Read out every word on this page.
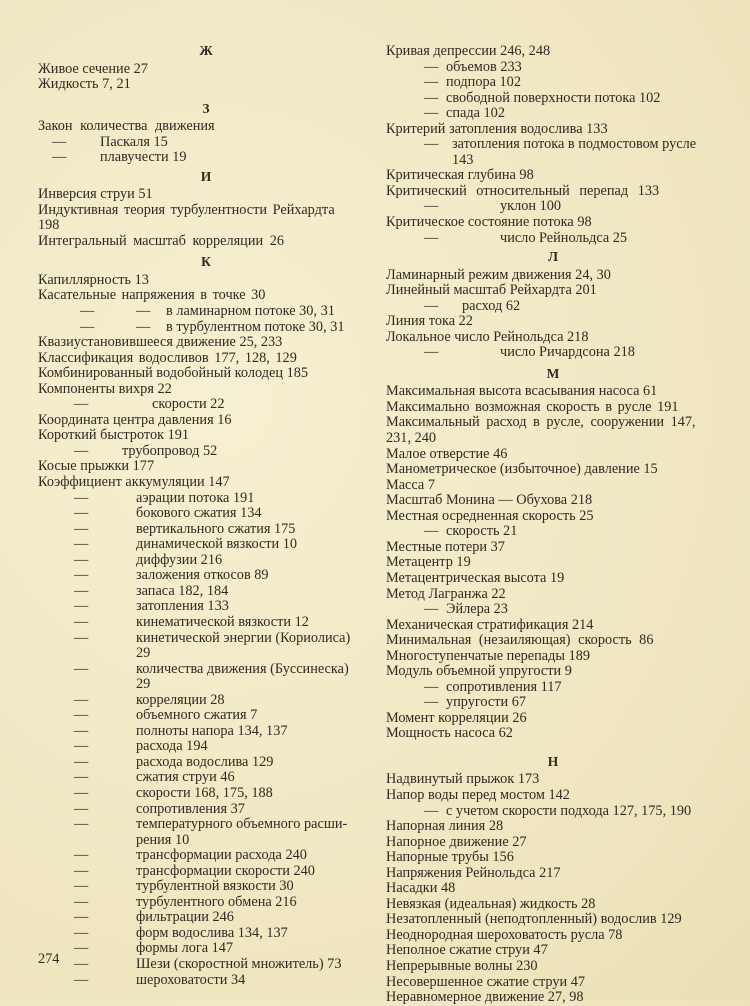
Ж
Живое сечение 27
Жидкость 7, 21
З
Закон количества движения
— Паскаля 15
— плавучести 19
И
Инверсия струи 51
Индуктивная теория турбулентности Рейхардта
198
Интегральный масштаб корреляции 26
К
Капиллярность 13
Касательные напряжения в точке 30
—	— в ламинарном потоке 30, 31
—	— в турбулентном потоке 30, 31
Квазиустановившееся движение 25, 233
Классификация водосливов 177, 128, 129
Комбинированный водобойный колодец 185
Компоненты вихря 22
—	скорости 22
Координата центра давления 16
Короткий быстроток 191
— трубопровод 52
Косые прыжки 177
Коэффициент аккумуляции 147
—	аэрации потока 191
—	бокового сжатия 134
—	вертикального сжатия 175
—	динамической вязкости 10
—	диффузии 216
—	заложения откосов 89
—	запаса 182, 184
—	затопления 133
—	кинематической вязкости 12
—	кинетической энергии (Кориолиса)
29
—	количества движения (Буссинеска)
29
—	корреляции 28
—	объемного сжатия 7
—	полноты напора 134, 137
—	расхода 194
—	расхода водослива 129
—	сжатия струи 46
—	скорости 168, 175, 188
—	сопротивления 37
—	температурного объемного расши-
рения 10
—	трансформации расхода 240
—	трансформации скорости 240
—	турбулентной вязкости 30
—	турбулентного обмена 216
—	фильтрации 246
—	форм водослива 134, 137
—	формы лога 147
—	Шези (скоростной множитель) 73
—	шероховатости 34
Кривая депрессии 246, 248
— объемов 233
— подпора 102
— свободной поверхности потока 102
— спада 102
Критерий затопления водослива 133
— затопления потока в подмостовом русле
143
Критическая глубина 98
Критический относительный перепад 133
—	уклон 100
Критическое состояние потока 98
—	число Рейнольдса 25
Л
Ламинарный режим движения 24, 30
Линейный масштаб Рейхардта 201
— расход 62
Линия тока 22
Локальное число Рейнольдса 218
—	число Ричардсона 218
М
Максимальная высота всасывания насоса 61
Максимально возможная скорость в русле 191
Максимальный расход в русле, сооружении 147,
231, 240
Малое отверстие 46
Манометрическое (избыточное) давление 15
Масса 7
Масштаб Монина — Обухова 218
Местная осредненная скорость 25
— скорость 21
Местные потери 37
Метацентр 19
Метацентрическая высота 19
Метод Лагранжа 22
— Эйлера 23
Механическая стратификация 214
Минимальная (незаиляющая) скорость 86
Многоступенчатые перепады 189
Модуль объемной упругости 9
— сопротивления 117
— упругости 67
Момент корреляции 26
Мощность насоса 62
Н
Надвинутый прыжок 173
Напор воды перед мостом 142
— с учетом скорости подхода 127, 175, 190
Напорная линия 28
Напорное движение 27
Напорные трубы 156
Напряжения Рейнольдса 217
Насадки 48
Невязкая (идеальная) жидкость 28
Незатопленный (неподтопленный) водослив 129
Неоднородная шероховатость русла 78
Неполное сжатие струи 47
Непрерывные волны 230
Несовершенное сжатие струи 47
Неравномерное движение 27, 98
274
